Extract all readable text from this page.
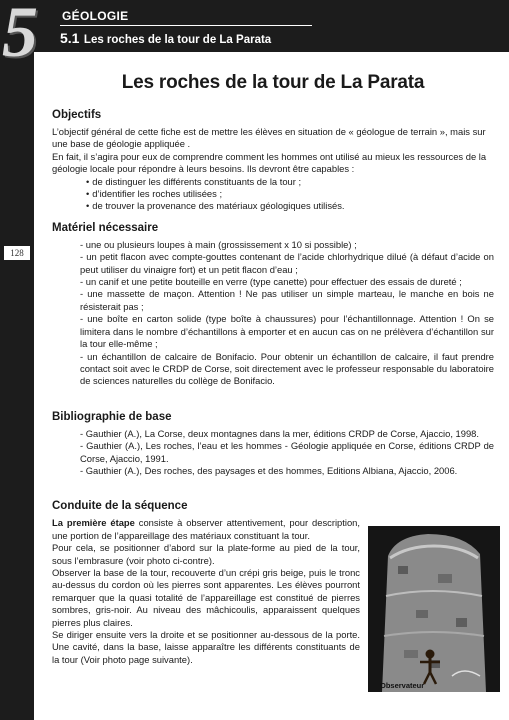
5	GÉOLOGIE
5.1 Les roches de la tour de La Parata
128
Les roches de la tour de La Parata
Objectifs

L’objectif général de cette fiche est de mettre les élèves en situation de « géologue de terrain », mais sur une base de géologie appliquée .

En fait, il s’agira pour eux de comprendre comment les hommes ont utilisé au mieux les ressources de la géologie locale pour répondre à leurs besoins. Ils devront être capables :

• de distinguer les différents constituants de la tour ;
• d’identifier les roches utilisées ;
• de trouver la provenance des matériaux géologiques utilisés.
Matériel nécessaire
- une ou plusieurs loupes à main (grossissement x 10 si possible) ;
- un petit flacon avec compte-gouttes contenant de l’acide chlorhydrique dilué (à défaut d’acide on peut utiliser du vinaigre fort) et un petit flacon d’eau ;
- un canif et une petite bouteille en verre (type canette) pour effectuer des essais de dureté ;
- une massette de maçon. Attention ! Ne pas utiliser un simple marteau, le manche en bois ne résisterait pas ;
- une boîte en carton solide (type boîte à chaussures) pour l’échantillonnage. Attention ! On se limitera dans le nombre d’échantillons à emporter et en aucun cas on ne prélèvera d’échantillon sur la tour elle-même ;
- un échantillon de calcaire de Bonifacio. Pour obtenir un échantillon de calcaire, il faut prendre contact soit avec le CRDP de Corse, soit directement avec le professeur responsable du laboratoire de sciences naturelles du collège de Bonifacio.
Bibliographie de base
- Gauthier (A.), La Corse, deux montagnes dans la mer, éditions CRDP de Corse, Ajaccio, 1998.
- Gauthier (A.), Les roches, l’eau et les hommes - Géologie appliquée en Corse, éditions CRDP de Corse, Ajaccio, 1991.
- Gauthier (A.), Des roches, des paysages et des hommes, Editions Albiana, Ajaccio, 2006.
Conduite de la séquence

La première étape consiste à observer attentivement, pour description, une portion de l’appareillage des matériaux constituant la tour.

Pour cela, se positionner d’abord sur la plate-forme au pied de la tour, sous l’embrasure (voir photo ci-contre).

Observer la base de la tour, recouverte d’un crépi gris beige, puis le tronc au-dessus du cordon où les pierres sont apparentes. Les élèves pourront remarquer que la quasi totalité de l’appareillage est constitué de pierres sombres, gris-noir. Au niveau des mâchicoulis, apparaissent quelques pierres plus claires.

Se diriger ensuite vers la droite et se positionner au-dessous de la porte. Une cavité, dans la base, laisse apparaître les différents constituants de la tour (Voir photo page suivante).

Observateur
